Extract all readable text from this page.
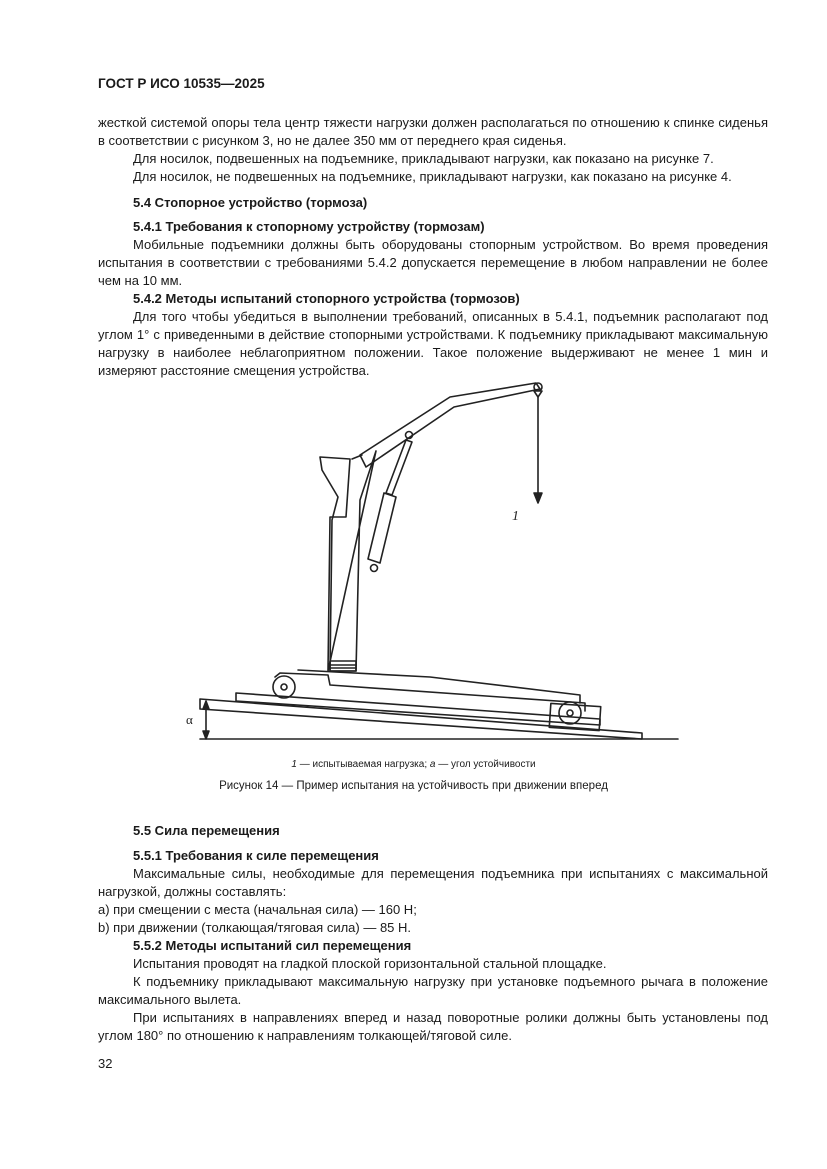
ГОСТ Р ИСО 10535—2025

жесткой системой опоры тела центр тяжести нагрузки должен располагаться по отношению к спинке сиденья в соответствии с рисунком 3, но не далее 350 мм от переднего края сиденья.

Для носилок, подвешенных на подъемнике, прикладывают нагрузки, как показано на рисунке 7.

Для носилок, не подвешенных на подъемнике, прикладывают нагрузки, как показано на рисунке 4.

5.4 Стопорное устройство (тормоза)

5.4.1 Требования к стопорному устройству (тормозам)

Мобильные подъемники должны быть оборудованы стопорным устройством. Во время проведения испытания в соответствии с требованиями 5.4.2 допускается перемещение в любом направлении не более чем на 10 мм.

5.4.2 Методы испытаний стопорного устройства (тормозов)

Для того чтобы убедиться в выполнении требований, описанных в 5.4.1, подъемник располагают под углом 1° с приведенными в действие стопорными устройствами. К подъемнику прикладывают максимальную нагрузку в наиболее неблагоприятном положении. Такое положение выдерживают не менее 1 мин и измеряют расстояние смещения устройства.

1
α
1 — испытываемая нагрузка; a — угол устойчивости
Рисунок 14 — Пример испытания на устойчивость при движении вперед

5.5 Сила перемещения

5.5.1 Требования к силе перемещения

Максимальные силы, необходимые для перемещения подъемника при испытаниях с максимальной нагрузкой, должны составлять:

a) при смещении с места (начальная сила) — 160 Н;

b) при движении (толкающая/тяговая сила) — 85 Н.

5.5.2 Методы испытаний сил перемещения

Испытания проводят на гладкой плоской горизонтальной стальной площадке.

К подъемнику прикладывают максимальную нагрузку при установке подъемного рычага в положение максимального вылета.

При испытаниях в направлениях вперед и назад поворотные ролики должны быть установлены под углом 180° по отношению к направлениям толкающей/тяговой силе.

32
